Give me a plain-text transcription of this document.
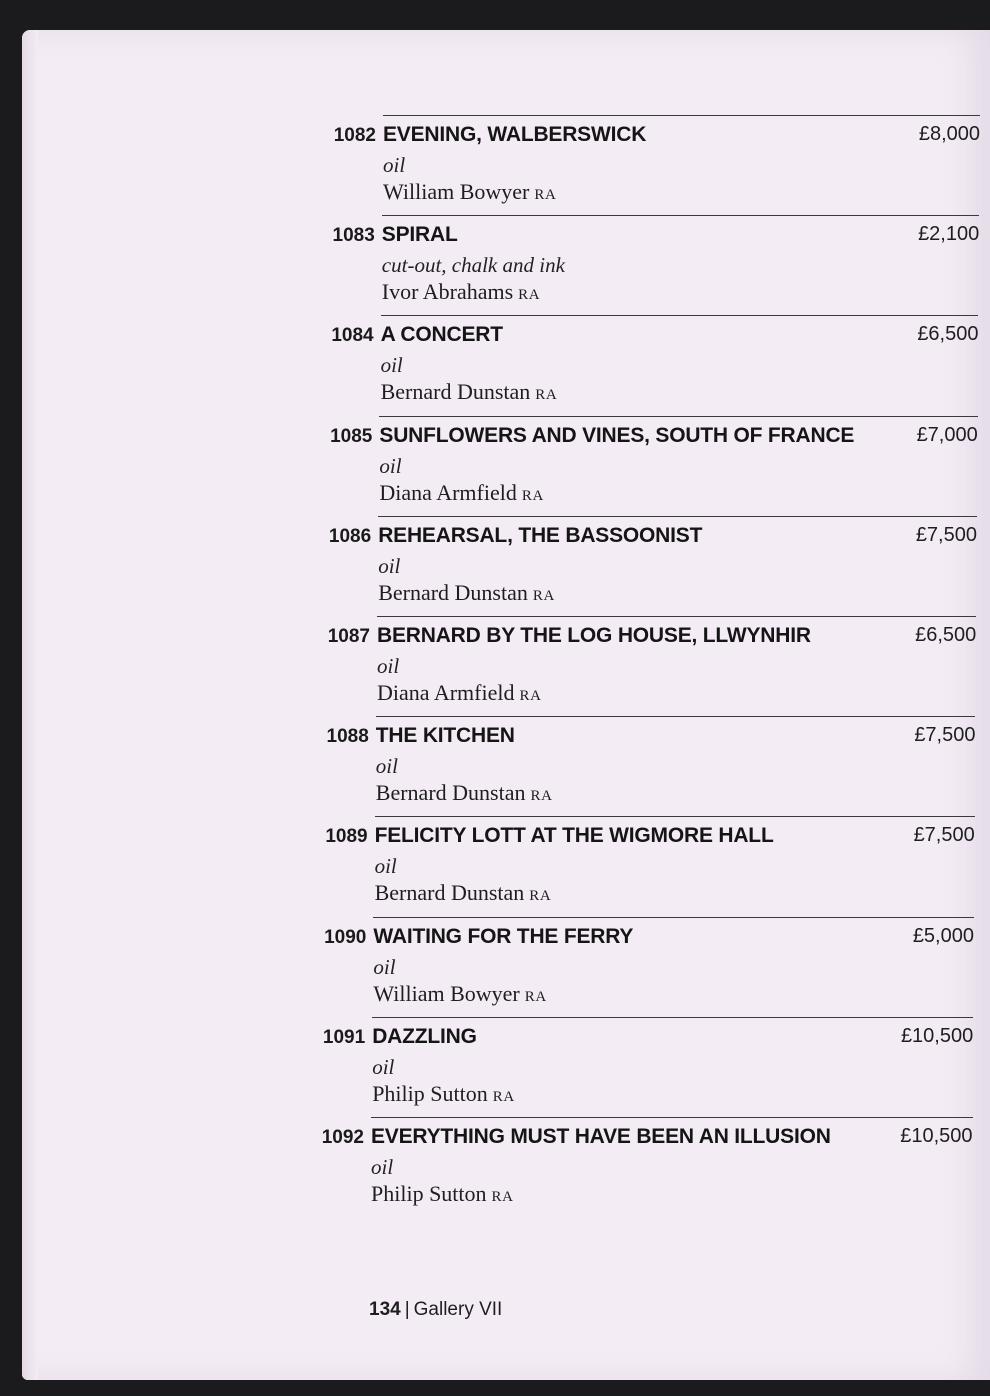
1082 EVENING, WALBERSWICK
oil
William Bowyer RA
£8,000
1083 SPIRAL
cut-out, chalk and ink
Ivor Abrahams RA
£2,100
1084 A CONCERT
oil
Bernard Dunstan RA
£6,500
1085 SUNFLOWERS AND VINES, SOUTH OF FRANCE
oil
Diana Armfield RA
£7,000
1086 REHEARSAL, THE BASSOONIST
oil
Bernard Dunstan RA
£7,500
1087 BERNARD BY THE LOG HOUSE, LLWYNHIR
oil
Diana Armfield RA
£6,500
1088 THE KITCHEN
oil
Bernard Dunstan RA
£7,500
1089 FELICITY LOTT AT THE WIGMORE HALL
oil
Bernard Dunstan RA
£7,500
1090 WAITING FOR THE FERRY
oil
William Bowyer RA
£5,000
1091 DAZZLING
oil
Philip Sutton RA
£10,500
1092 EVERYTHING MUST HAVE BEEN AN ILLUSION
oil
Philip Sutton RA
£10,500
134 | Gallery VII
